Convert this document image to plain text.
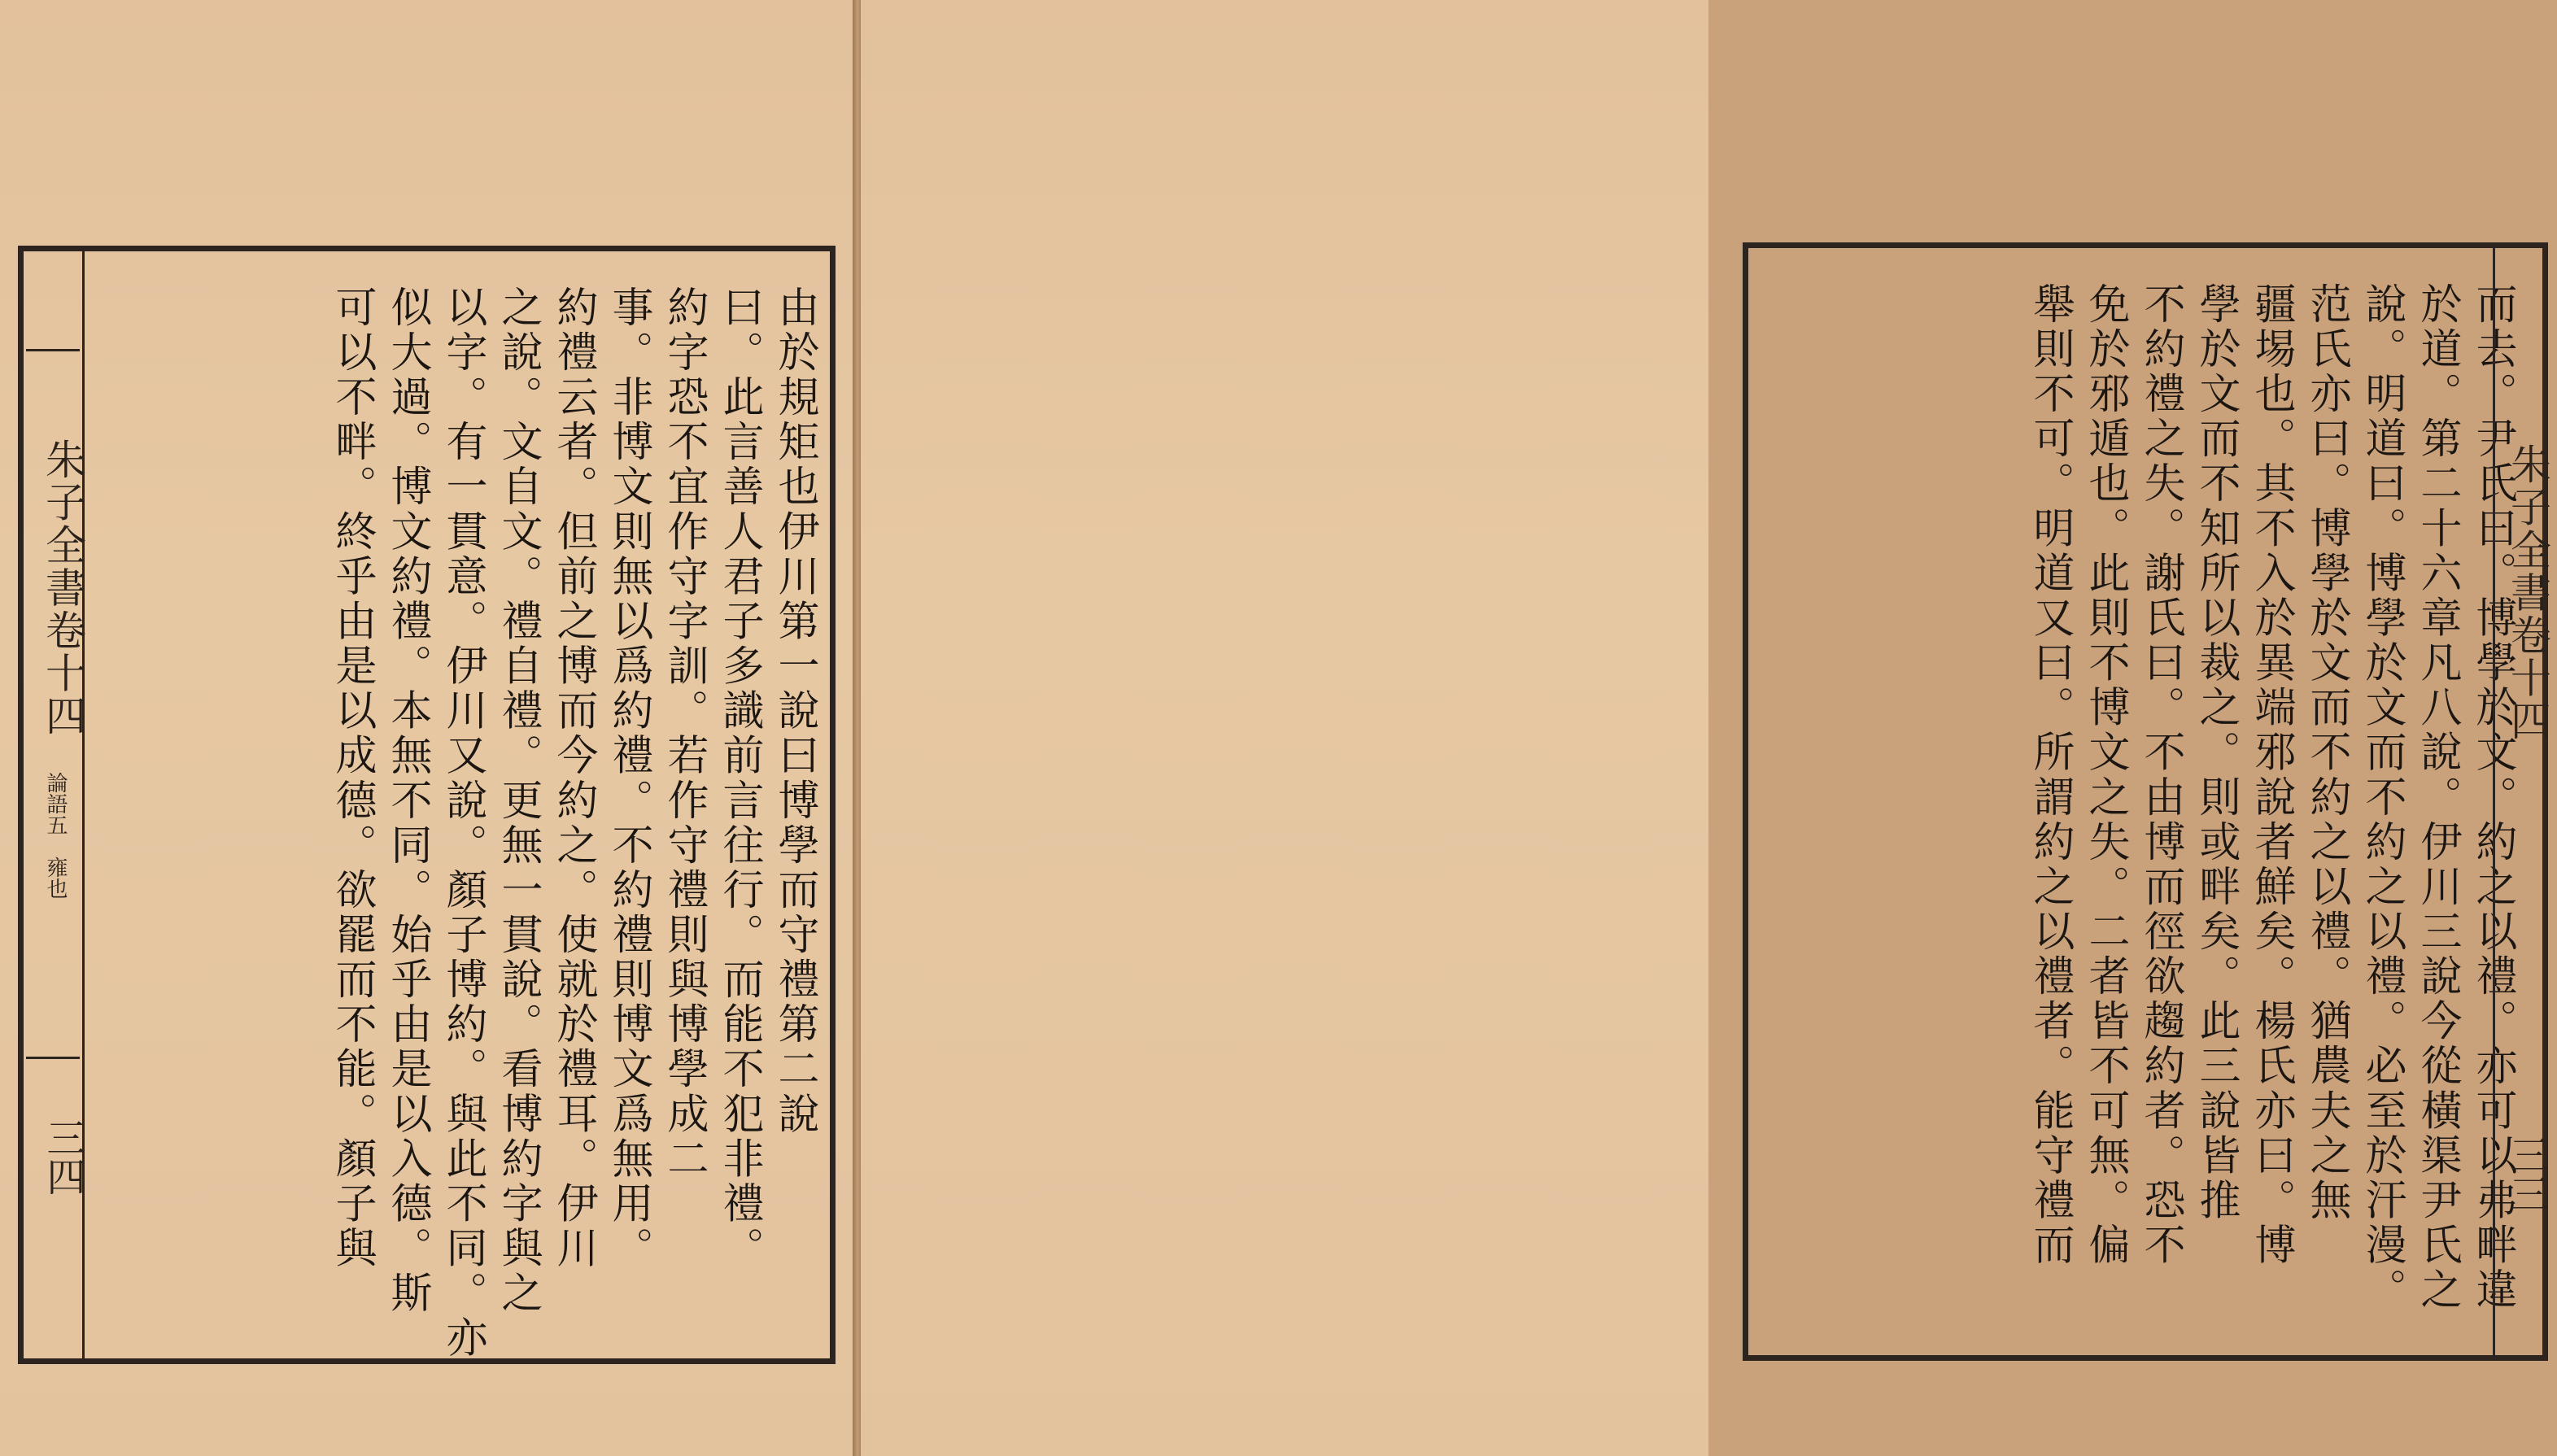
朱子全書卷十四
論語五　雍也
三四
由於規矩也伊川第一說曰博學而守禮第二說
曰。此言善人君子多識前言往行。而能不犯非禮。
約字恐不宜作守字訓。若作守禮則與博學成二
事。非博文則無以爲約禮。不約禮則博文爲無用。
約禮云者。但前之博而今約之。使就於禮耳。伊川
之說。文自文。禮自禮。更無一貫說。看博約字與之
以字。有一貫意。伊川又說。顏子博約。與此不同。亦
似大過。博文約禮。本無不同。始乎由是以入德。斯
可以不畔。終乎由是以成德。欲罷而不能。顏子與	而去。尹氏曰。博學於文。約之以禮。亦可以弗畔違
於道。第二十六章凡八說。伊川三說今從橫渠尹氏之
說。明道曰。博學於文而不約之以禮。必至於汗漫。
范氏亦曰。博學於文而不約之以禮。猶農夫之無
疆埸也。其不入於異端邪說者鮮矣。楊氏亦曰。博
學於文而不知所以裁之。則或畔矣。此三說皆推
不約禮之失。謝氏曰。不由博而徑欲趨約者。恐不
免於邪遁也。此則不博文之失。二者皆不可無。偏
舉則不可。明道又曰。所謂約之以禮者。能守禮而	朱子全書卷十四
三三
